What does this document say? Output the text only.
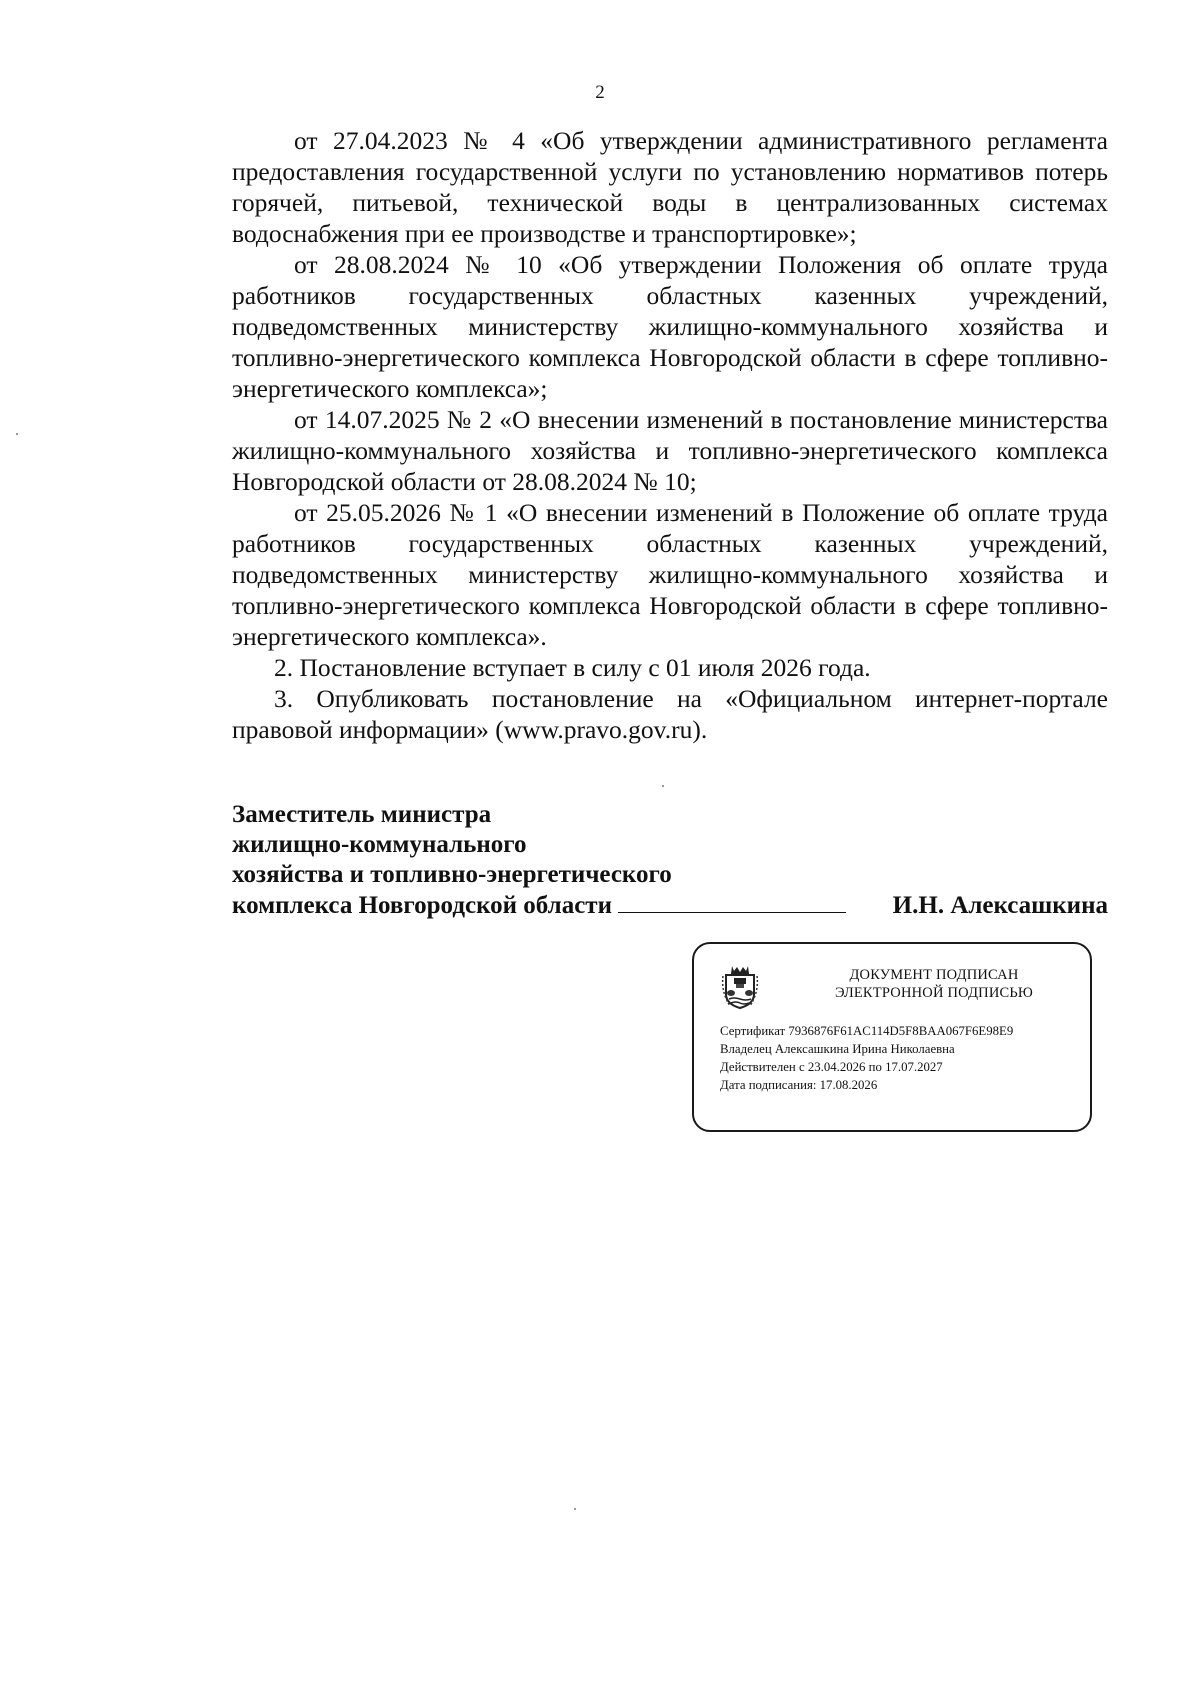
2

от 27.04.2023 № 4 «Об утверждении административного регламента предоставления государственной услуги по установлению нормативов потерь горячей, питьевой, технической воды в централизованных системах водоснабжения при ее производстве и транспортировке»;

от 28.08.2024 № 10 «Об утверждении Положения об оплате труда работников государственных областных казенных учреждений, подведомственных министерству жилищно-коммунального хозяйства и топливно-энергетического комплекса Новгородской области в сфере топливно-энергетического комплекса»;

от 14.07.2025 № 2 «О внесении изменений в постановление министерства жилищно-коммунального хозяйства и топливно-энергетического комплекса Новгородской области от 28.08.2024 № 10;

от 25.05.2026 № 1 «О внесении изменений в Положение об оплате труда работников государственных областных казенных учреждений, подведомственных министерству жилищно-коммунального хозяйства и топливно-энергетического комплекса Новгородской области в сфере топливно-энергетического комплекса».

2. Постановление вступает в силу с 01 июля 2026 года.

3. Опубликовать постановление на «Официальном интернет-портале правовой информации» (www.pravo.gov.ru).

Заместитель министра
жилищно-коммунального
хозяйства и топливно-энергетического
комплекса Новгородской области	И.Н. Алексашкина
ДОКУМЕНТ ПОДПИСАН
ЭЛЕКТРОННОЙ ПОДПИСЬЮ
Сертификат 7936876F61AC114D5F8BAA067F6E98E9
Владелец Алексашкина Ирина Николаевна
Действителен с 23.04.2026 по 17.07.2027
Дата подписания: 17.08.2026
